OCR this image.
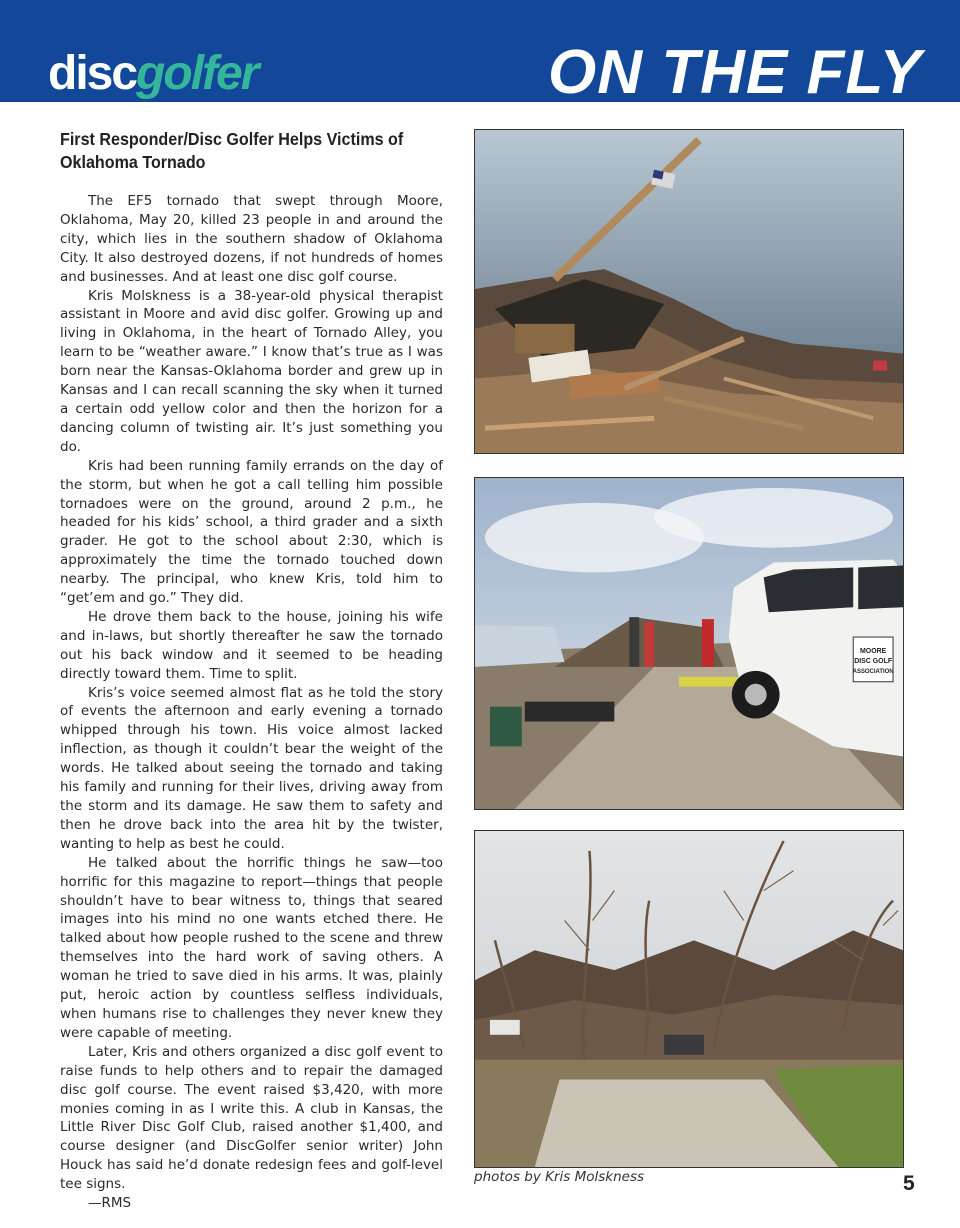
discgolfer	ON THE FLY
First Responder/Disc Golfer Helps Victims of Oklahoma Tornado

The EF5 tornado that swept through Moore, Oklahoma, May 20, killed 23 people in and around the city, which lies in the southern shadow of Oklahoma City. It also destroyed dozens, if not hundreds of homes and businesses. And at least one disc golf course.

Kris Molskness is a 38-year-old physical therapist assistant in Moore and avid disc golfer. Growing up and living in Oklahoma, in the heart of Tornado Alley, you learn to be “weather aware.” I know that’s true as I was born near the Kansas-Oklahoma border and grew up in Kansas and I can recall scanning the sky when it turned a certain odd yellow color and then the horizon for a dancing column of twisting air. It’s just something you do.

Kris had been running family errands on the day of the storm, but when he got a call telling him possible tornadoes were on the ground, around 2 p.m., he headed for his kids’ school, a third grader and a sixth grader. He got to the school about 2:30, which is approximately the time the tornado touched down nearby. The principal, who knew Kris, told him to “get’em and go.” They did.

He drove them back to the house, joining his wife and in-laws, but shortly thereafter he saw the tornado out his back window and it seemed to be heading directly toward them. Time to split.

Kris’s voice seemed almost flat as he told the story of events the afternoon and early evening a tornado whipped through his town. His voice almost lacked inflection, as though it couldn’t bear the weight of the words. He talked about seeing the tornado and taking his family and running for their lives, driving away from the storm and its damage. He saw them to safety and then he drove back into the area hit by the twister, wanting to help as best he could.

He talked about the horrific things he saw—too horrific for this magazine to report—things that people shouldn’t have to bear witness to, things that seared images into his mind no one wants etched there. He talked about how people rushed to the scene and threw themselves into the hard work of saving others. A woman he tried to save died in his arms. It was, plainly put, heroic action by countless selfless individuals, when humans rise to challenges they never knew they were capable of meeting.

Later, Kris and others organized a disc golf event to raise funds to help others and to repair the damaged disc golf course. The event raised $3,420, with more monies coming in as I write this. A club in Kansas, the Little River Disc Golf Club, raised another $1,400, and course designer (and DiscGolfer senior writer) John Houck has said he’d donate redesign fees and golf-level tee signs.

—RMS

MOORE
DISC GOLF
ASSOCIATION
photos by Kris Molskness	5
